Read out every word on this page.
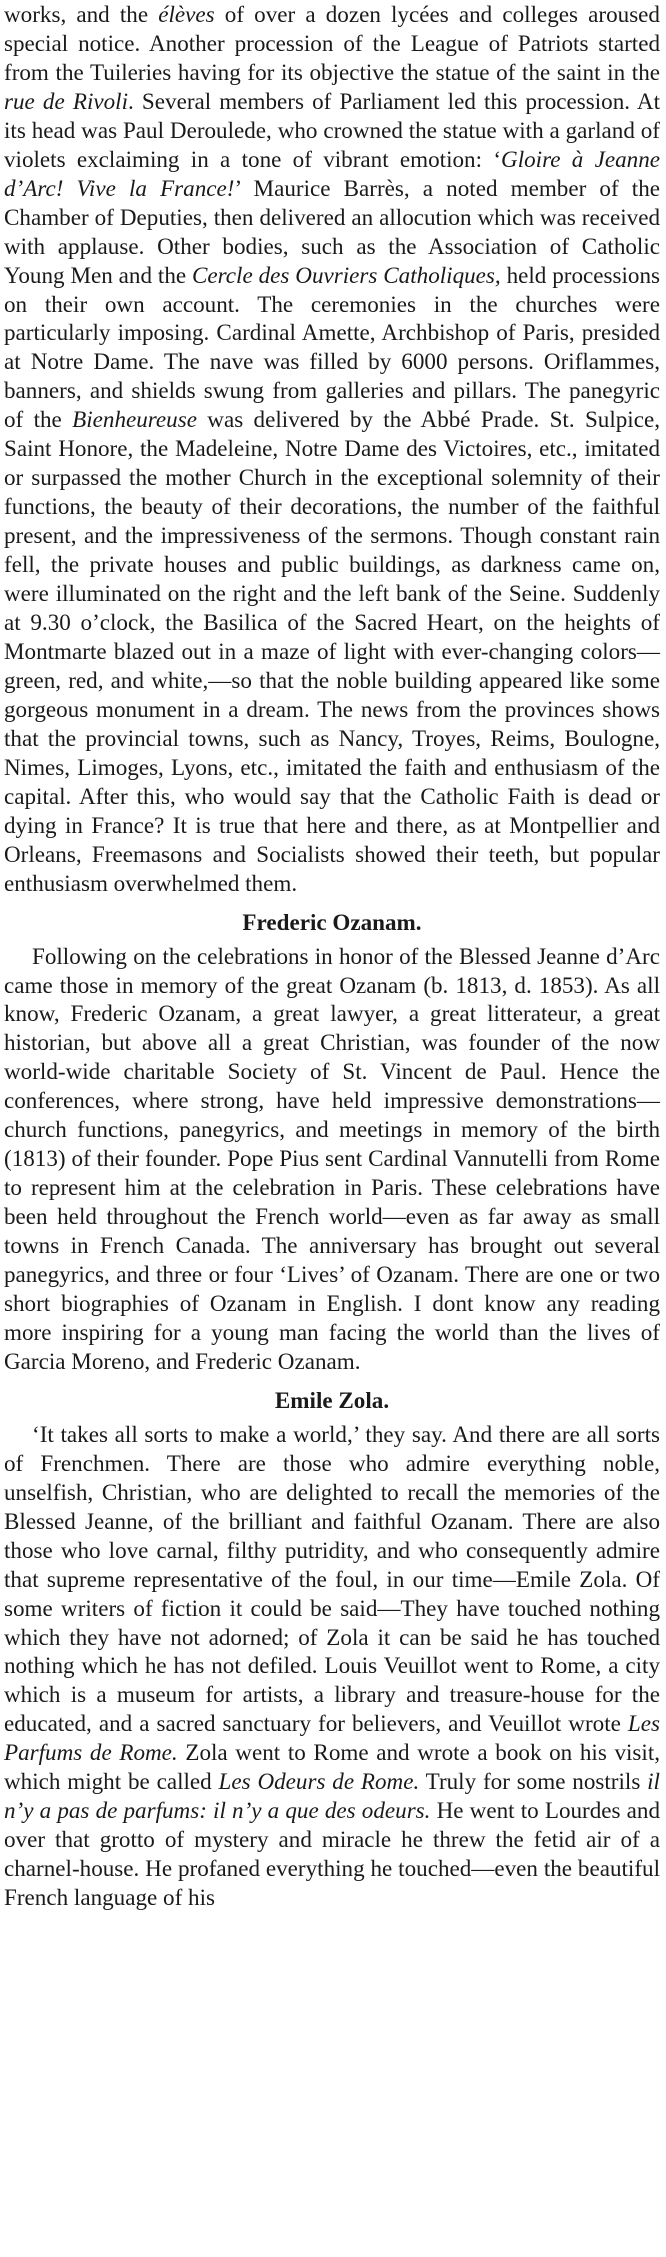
works, and the élèves of over a dozen lycées and colleges aroused special notice. Another procession of the League of Patriots started from the Tuileries having for its objective the statue of the saint in the rue de Rivoli. Several members of Parliament led this procession. At its head was Paul Deroulede, who crowned the statue with a garland of violets exclaiming in a tone of vibrant emotion: ‘Gloire à Jeanne d’Arc! Vive la France!’ Maurice Barrès, a noted member of the Chamber of Deputies, then delivered an allocution which was received with applause. Other bodies, such as the Association of Catholic Young Men and the Cercle des Ouvriers Catholiques, held processions on their own account. The ceremonies in the churches were particularly imposing. Cardinal Amette, Archbishop of Paris, presided at Notre Dame. The nave was filled by 6000 persons. Oriflammes, banners, and shields swung from galleries and pillars. The panegyric of the Bienheureuse was delivered by the Abbé Prade. St. Sulpice, Saint Honore, the Madeleine, Notre Dame des Victoires, etc., imitated or surpassed the mother Church in the exceptional solemnity of their functions, the beauty of their decorations, the number of the faithful present, and the impressiveness of the sermons. Though constant rain fell, the private houses and public buildings, as darkness came on, were illuminated on the right and the left bank of the Seine. Suddenly at 9.30 o’clock, the Basilica of the Sacred Heart, on the heights of Montmarte blazed out in a maze of light with ever-changing colors—green, red, and white,—so that the noble building appeared like some gorgeous monument in a dream. The news from the provinces shows that the provincial towns, such as Nancy, Troyes, Reims, Boulogne, Nimes, Limoges, Lyons, etc., imitated the faith and enthusiasm of the capital. After this, who would say that the Catholic Faith is dead or dying in France? It is true that here and there, as at Montpellier and Orleans, Freemasons and Socialists showed their teeth, but popular enthusiasm overwhelmed them.

Frederic Ozanam.

Following on the celebrations in honor of the Blessed Jeanne d’Arc came those in memory of the great Ozanam (b. 1813, d. 1853). As all know, Frederic Ozanam, a great lawyer, a great litterateur, a great historian, but above all a great Christian, was founder of the now world-wide charitable Society of St. Vincent de Paul. Hence the conferences, where strong, have held impressive demonstrations—church functions, panegyrics, and meetings in memory of the birth (1813) of their founder. Pope Pius sent Cardinal Vannutelli from Rome to represent him at the celebration in Paris. These celebrations have been held throughout the French world—even as far away as small towns in French Canada. The anniversary has brought out several panegyrics, and three or four ‘Lives’ of Ozanam. There are one or two short biographies of Ozanam in English. I dont know any reading more inspiring for a young man facing the world than the lives of Garcia Moreno, and Frederic Ozanam.

Emile Zola.

‘It takes all sorts to make a world,’ they say. And there are all sorts of Frenchmen. There are those who admire everything noble, unselfish, Christian, who are delighted to recall the memories of the Blessed Jeanne, of the brilliant and faithful Ozanam. There are also those who love carnal, filthy putridity, and who consequently admire that supreme representative of the foul, in our time—Emile Zola. Of some writers of fiction it could be said—They have touched nothing which they have not adorned; of Zola it can be said he has touched nothing which he has not defiled. Louis Veuillot went to Rome, a city which is a museum for artists, a library and treasure-house for the educated, and a sacred sanctuary for believers, and Veuillot wrote Les Parfums de Rome. Zola went to Rome and wrote a book on his visit, which might be called Les Odeurs de Rome. Truly for some nostrils il n’y a pas de parfums: il n’y a que des odeurs. He went to Lourdes and over that grotto of mystery and miracle he threw the fetid air of a charnel-house. He profaned everything he touched—even the beautiful French language of his
